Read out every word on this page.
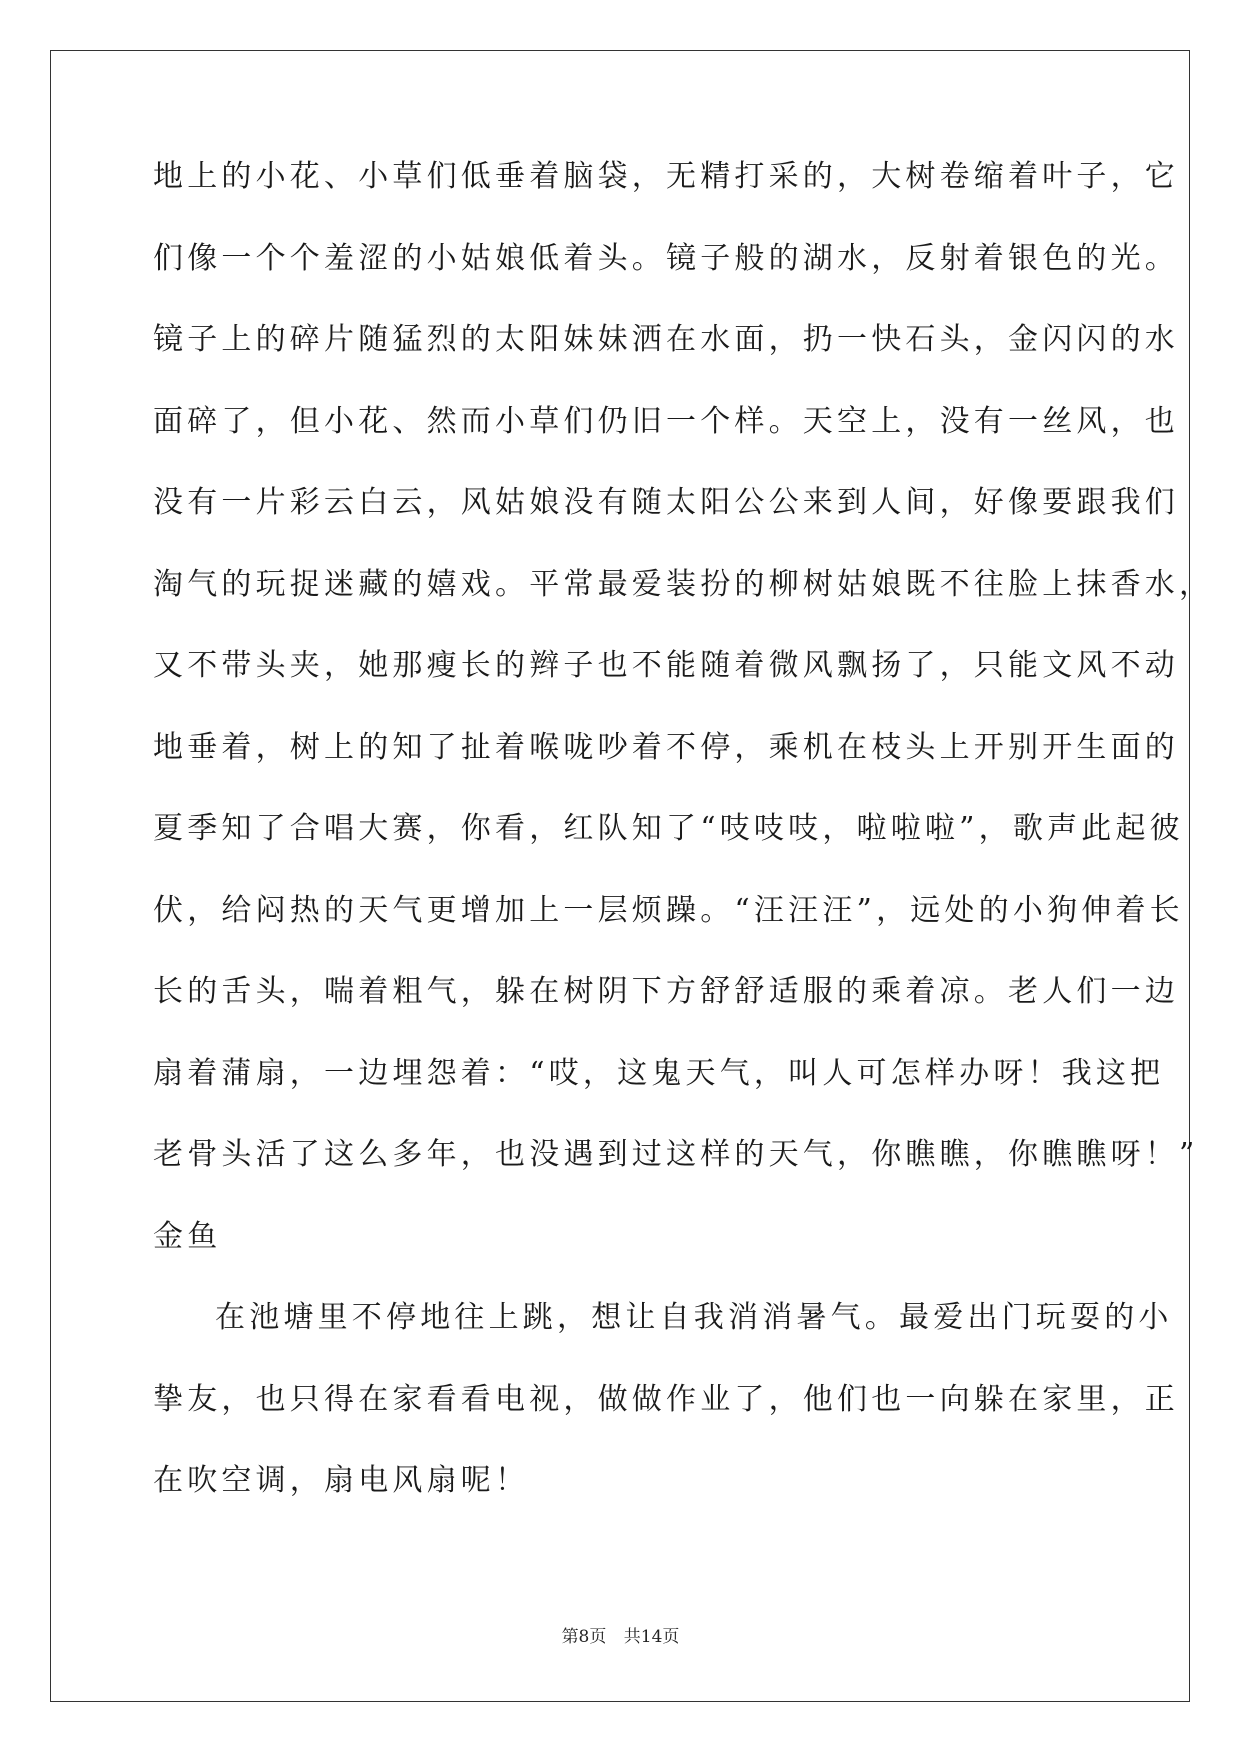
地上的小花、小草们低垂着脑袋，无精打采的，大树卷缩着叶子，它
们像一个个羞涩的小姑娘低着头。镜子般的湖水，反射着银色的光。
镜子上的碎片随猛烈的太阳妹妹洒在水面，扔一快石头，金闪闪的水
面碎了，但小花、然而小草们仍旧一个样。天空上，没有一丝风，也
没有一片彩云白云，风姑娘没有随太阳公公来到人间，好像要跟我们
淘气的玩捉迷藏的嬉戏。平常最爱装扮的柳树姑娘既不往脸上抹香水，
又不带头夹，她那瘦长的辫子也不能随着微风飘扬了，只能文风不动
地垂着，树上的知了扯着喉咙吵着不停，乘机在枝头上开别开生面的
夏季知了合唱大赛，你看，红队知了“吱吱吱，啦啦啦”，歌声此起彼
伏，给闷热的天气更增加上一层烦躁。“汪汪汪”，远处的小狗伸着长
长的舌头，喘着粗气，躲在树阴下方舒舒适服的乘着凉。老人们一边
扇着蒲扇，一边埋怨着：“哎，这鬼天气，叫人可怎样办呀！我这把
老骨头活了这么多年，也没遇到过这样的天气，你瞧瞧，你瞧瞧呀！”
金鱼
在池塘里不停地往上跳，想让自我消消暑气。最爱出门玩耍的小
挚友，也只得在家看看电视，做做作业了，他们也一向躲在家里，正
在吹空调，扇电风扇呢！
第8页 共14页
